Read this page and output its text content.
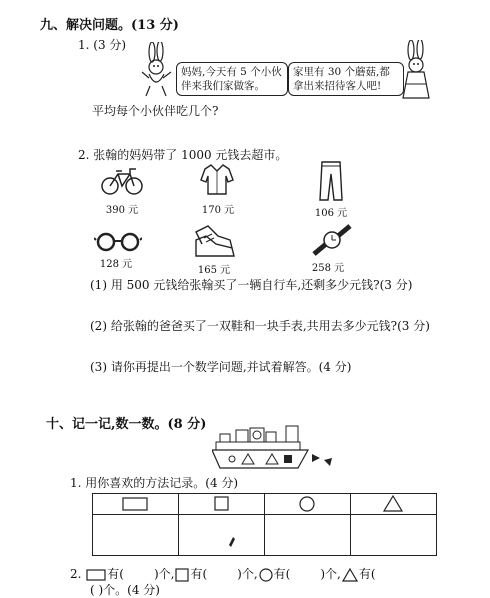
九、解决问题。(13 分)
1. (3 分)
妈妈,今天有 5 个小伙伴来我们家做客。
家里有 30 个蘑菇,都拿出来招待客人吧!
平均每个小伙伴吃几个?
2. 张翰的妈妈带了 1000 元钱去超市。
390 元	170 元	106 元
128 元
165 元	258 元
(1) 用 500 元钱给张翰买了一辆自行车,还剩多少元钱?(3 分)
(2) 给张翰的爸爸买了一双鞋和一块手表,共用去多少元钱?(3 分)
(3) 请你再提出一个数学问题,并试着解答。(4 分)
十、记一记,数一数。(8 分)
1. 用你喜欢的方法记录。(4 分)

2. 有(	)个, 有(	)个, 有(	)个, 有(
( )个。(4 分)
